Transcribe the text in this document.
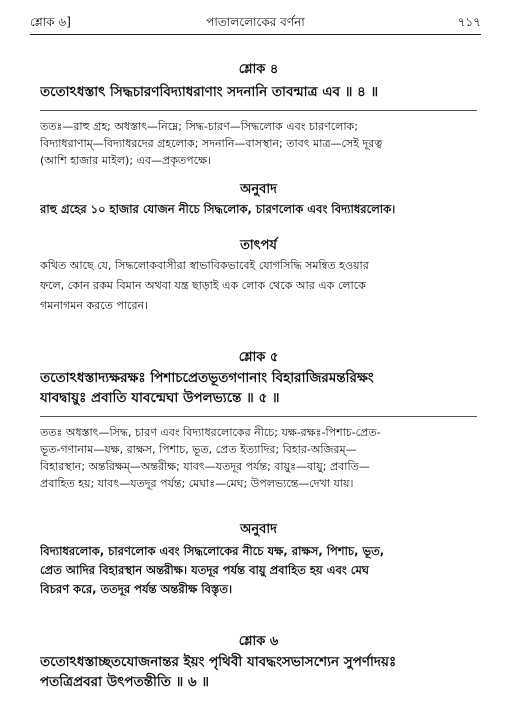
শ্লোক ৬]	পাতাললোকের বর্ণনা	৭১৭
শ্লোক ৪
ততোঽধস্তাৎ সিদ্ধচারণবিদ্যাধরাণাং সদনানি তাবন্মাত্র এব ॥ ৪ ॥
ততঃ—রাহু গ্রহ; অধস্তাৎ—নিম্নে; সিদ্ধ-চারণ—সিদ্ধলোক এবং চারণলোক;
বিদ্যাধরাণাম্—বিদ্যাধরদের গ্রহলোক; সদনানি—বাসস্থান; তাবৎ মাত্র—সেই দূরত্ব
(আশি হাজার মাইল); এব—প্রকৃতপক্ষে।
অনুবাদ
রাহু গ্রহের ১০ হাজার যোজন নীচে সিদ্ধলোক, চারণলোক এবং বিদ্যাধরলোক।
তাৎপর্য
কথিত আছে যে, সিদ্ধলোকবাসীরা স্বাভাবিকভাবেই যোগসিদ্ধি সমন্বিত হওয়ার
ফলে, কোন রকম বিমান অথবা যন্ত্র ছাড়াই এক লোক থেকে আর এক লোকে
গমনাগমন করতে পারেন।
শ্লোক ৫
ততোঽধস্তাদ্যক্ষরক্ষঃ পিশাচপ্রেতভূতগণানাং বিহারাজিরমন্তরিক্ষং
যাবদ্বায়ুঃ প্রবাতি যাবন্মেঘা উপলভ্যন্তে ॥ ৫ ॥
ততঃ অধস্তাৎ—সিদ্ধ, চারণ এবং বিদ্যাধরলোকের নীচে; যক্ষ-রক্ষঃ-পিশাচ-প্রেত-
ভূত-গণানাম—যক্ষ, রাক্ষস, পিশাচ, ভূত, প্রেত ইত্যাদির; বিহার-অজিরম্—
বিহারস্থান; অন্তরিক্ষম্—অন্তরীক্ষ; যাবৎ—যতদূর পর্যন্ত; বায়ুঃ—বায়ু; প্রবাতি—
প্রবাহিত হয়; যাবৎ—যতদূর পর্যন্ত; মেঘাঃ—মেঘ; উপলভ্যন্তে—দেখা যায়।
অনুবাদ
বিদ্যাধরলোক, চারণলোক এবং সিদ্ধলোকের নীচে যক্ষ, রাক্ষস, পিশাচ, ভূত,
প্রেত আদির বিহারস্থান অন্তরীক্ষ। যতদূর পর্যন্ত বায়ু প্রবাহিত হয় এবং মেঘ
বিচরণ করে, ততদূর পর্যন্ত অন্তরীক্ষ বিস্তৃত।
শ্লোক ৬
ততোঽধস্তাচ্ছতযোজনান্তর ইয়ং পৃথিবী যাবদ্ধংসভাসশ্যেন সুপর্ণাদয়ঃ
পতত্রিপ্রবরা উৎপতন্তীতি ॥ ৬ ॥
